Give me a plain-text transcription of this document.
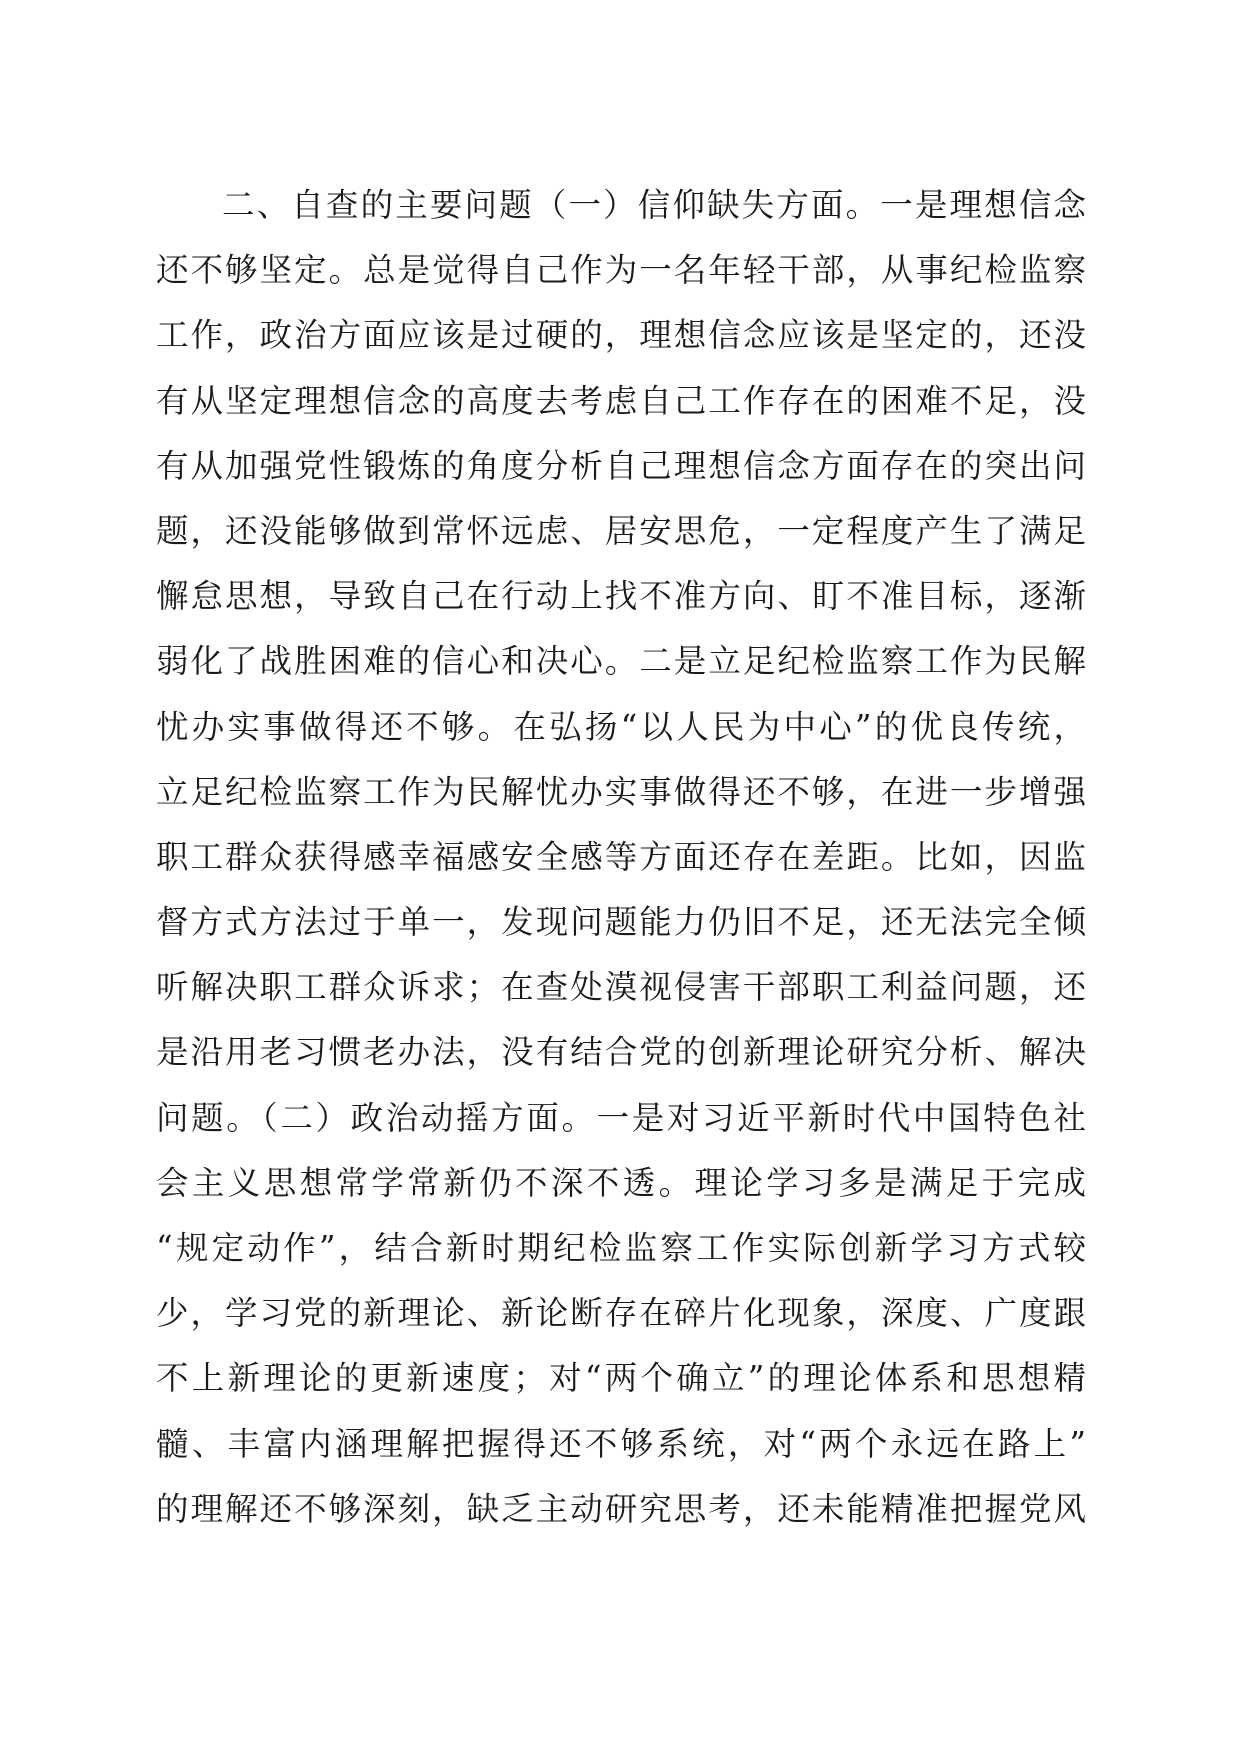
二、自查的主要问题（一）信仰缺失方面。一是理想信念
还不够坚定。总是觉得自己作为一名年轻干部，从事纪检监察
工作，政治方面应该是过硬的，理想信念应该是坚定的，还没
有从坚定理想信念的高度去考虑自己工作存在的困难不足，没
有从加强党性锻炼的角度分析自己理想信念方面存在的突出问
题，还没能够做到常怀远虑、居安思危，一定程度产生了满足
懈怠思想，导致自己在行动上找不准方向、盯不准目标，逐渐
弱化了战胜困难的信心和决心。二是立足纪检监察工作为民解
忧办实事做得还不够。在弘扬“以人民为中心”的优良传统，
立足纪检监察工作为民解忧办实事做得还不够，在进一步增强
职工群众获得感幸福感安全感等方面还存在差距。比如，因监
督方式方法过于单一，发现问题能力仍旧不足，还无法完全倾
听解决职工群众诉求；在查处漠视侵害干部职工利益问题，还
是沿用老习惯老办法，没有结合党的创新理论研究分析、解决
问题。（二）政治动摇方面。一是对习近平新时代中国特色社
会主义思想常学常新仍不深不透。理论学习多是满足于完成
“规定动作”，结合新时期纪检监察工作实际创新学习方式较
少，学习党的新理论、新论断存在碎片化现象，深度、广度跟
不上新理论的更新速度；对“两个确立”的理论体系和思想精
髓、丰富内涵理解把握得还不够系统，对“两个永远在路上”
的理解还不够深刻，缺乏主动研究思考，还未能精准把握党风
